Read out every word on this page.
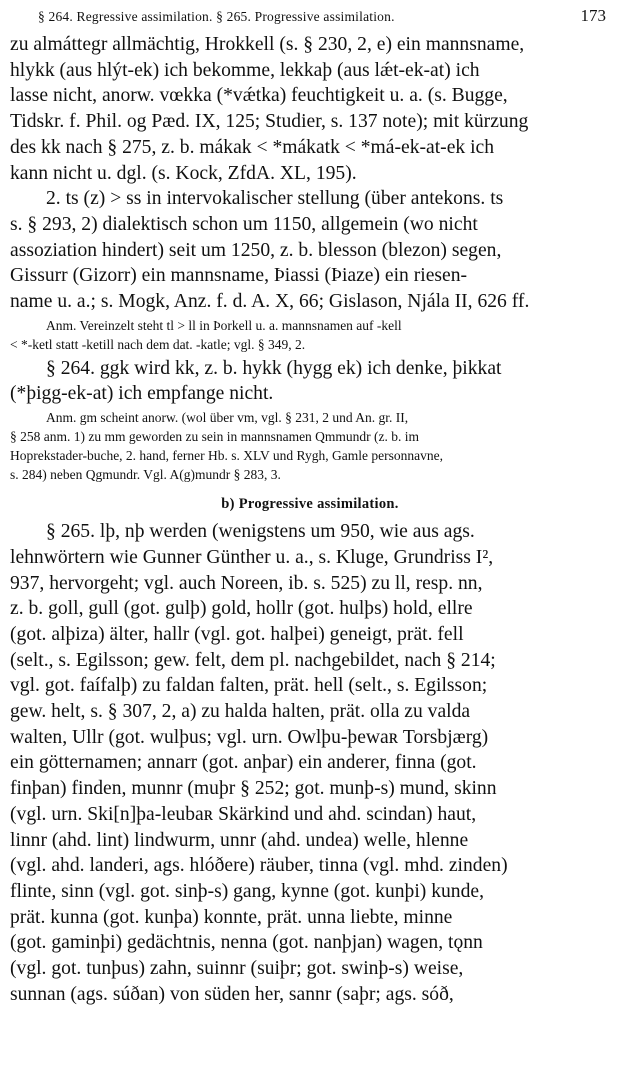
§ 264. Regressive assimilation. § 265. Progressive assimilation.	173
zu almáttegr allmächtig, Hrokkell (s. § 230, 2, e) ein mannsname,
hlykk (aus hlýt-ek) ich bekomme, lekkaþ (aus lǽt-ek-at) ich
lasse nicht, anorw. vœkka (*vǽtka) feuchtigkeit u. a. (s. Bugge,
Tidskr. f. Phil. og Pæd. IX, 125; Studier, s. 137 note); mit kürzung
des kk nach § 275, z. b. mákak < *mákatk < *má-ek-at-ek ich
kann nicht u. dgl. (s. Kock, ZfdA. XL, 195).
2. ts (z) > ss in intervokalischer stellung (über antekons. ts
s. § 293, 2) dialektisch schon um 1150, allgemein (wo nicht
assoziation hindert) seit um 1250, z. b. blesson (blezon) segen,
Gissurr (Gizorr) ein mannsname, Þiassi (Þiaze) ein riesen-
name u. a.; s. Mogk, Anz. f. d. A. X, 66; Gislason, Njála II, 626 ff.
Anm. Vereinzelt steht tl > ll in Þorkell u. a. mannsnamen auf -kell
< *-ketl statt -ketill nach dem dat. -katle; vgl. § 349, 2.
§ 264. ggk wird kk, z. b. hykk (hygg ek) ich denke, þikkat
(*þigg-ek-at) ich empfange nicht.
Anm. gm scheint anorw. (wol über vm, vgl. § 231, 2 und An. gr. II,
§ 258 anm. 1) zu mm geworden zu sein in mannsnamen Qmmundr (z. b. im
Hoprekstader-buche, 2. hand, ferner Hb. s. XLV und Rygh, Gamle personnavne,
s. 284) neben Qgmundr. Vgl. A(g)mundr § 283, 3.
b) Progressive assimilation.
§ 265. lþ, nþ werden (wenigstens um 950, wie aus ags.
lehnwörtern wie Gunner Günther u. a., s. Kluge, Grundriss I²,
937, hervorgeht; vgl. auch Noreen, ib. s. 525) zu ll, resp. nn,
z. b. goll, gull (got. gulþ) gold, hollr (got. hulþs) hold, ellre
(got. alþiza) älter, hallr (vgl. got. halþei) geneigt, prät. fell
(selt., s. Egilsson; gew. felt, dem pl. nachgebildet, nach § 214;
vgl. got. faífalþ) zu faldan falten, prät. hell (selt., s. Egilsson;
gew. helt, s. § 307, 2, a) zu halda halten, prät. olla zu valda
walten, Ullr (got. wulþus; vgl. urn. Owlþu-þewaʀ Torsbjærg)
ein götternamen; annarr (got. anþar) ein anderer, finna (got.
finþan) finden, munnr (muþr § 252; got. munþ-s) mund, skinn
(vgl. urn. Ski[n]þa-leubaʀ Skärkind und ahd. scindan) haut,
linnr (ahd. lint) lindwurm, unnr (ahd. undea) welle, hlenne
(vgl. ahd. landeri, ags. hlóðere) räuber, tinna (vgl. mhd. zinden)
flinte, sinn (vgl. got. sinþ-s) gang, kynne (got. kunþi) kunde,
prät. kunna (got. kunþa) konnte, prät. unna liebte, minne
(got. gaminþi) gedächtnis, nenna (got. nanþjan) wagen, tǫnn
(vgl. got. tunþus) zahn, suinnr (suiþr; got. swinþ-s) weise,
sunnan (ags. súðan) von süden her, sannr (saþr; ags. sóð,
